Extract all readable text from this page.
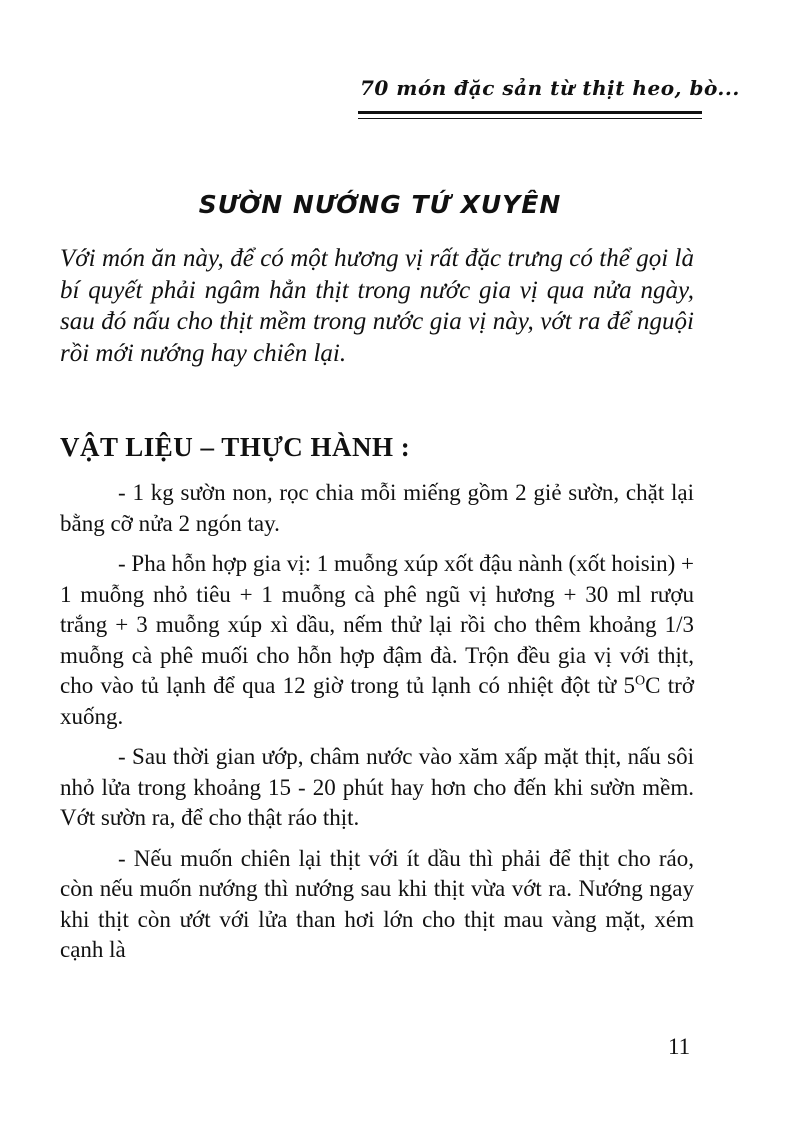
70 món đặc sản từ thịt heo, bò...
SƯỜN NƯỚNG TỨ XUYÊN

Với món ăn này, để có một hương vị rất đặc trưng có thể gọi là bí quyết phải ngâm hẳn thịt trong nước gia vị qua nửa ngày, sau đó nấu cho thịt mềm trong nước gia vị này, vớt ra để nguội rồi mới nướng hay chiên lại.

VẬT LIỆU – THỰC HÀNH :

- 1 kg sườn non, rọc chia mỗi miếng gồm 2 giẻ sườn, chặt lại bằng cỡ nửa 2 ngón tay.

- Pha hỗn hợp gia vị: 1 muỗng xúp xốt đậu nành (xốt hoisin) + 1 muỗng nhỏ tiêu + 1 muỗng cà phê ngũ vị hương + 30 ml rượu trắng + 3 muỗng xúp xì dầu, nếm thử lại rồi cho thêm khoảng 1/3 muỗng cà phê muối cho hỗn hợp đậm đà. Trộn đều gia vị với thịt, cho vào tủ lạnh để qua 12 giờ trong tủ lạnh có nhiệt đột từ $5^OC$ trở xuống.

- Sau thời gian ướp, châm nước vào xăm xấp mặt thịt, nấu sôi nhỏ lửa trong khoảng 15 - 20 phút hay hơn cho đến khi sườn mềm. Vớt sườn ra, để cho thật ráo thịt.

- Nếu muốn chiên lại thịt với ít dầu thì phải để thịt cho ráo, còn nếu muốn nướng thì nướng sau khi thịt vừa vớt ra. Nướng ngay khi thịt còn ướt với lửa than hơi lớn cho thịt mau vàng mặt, xém cạnh là

11
